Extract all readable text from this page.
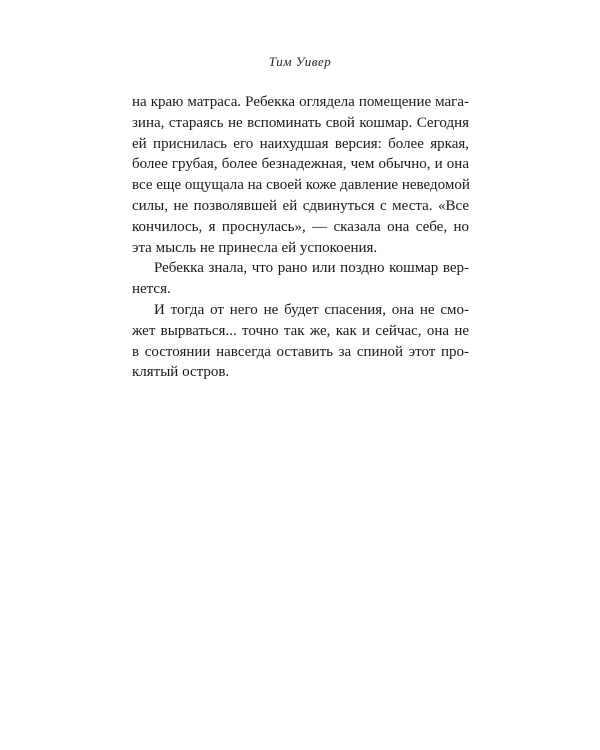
Тим Уивер
на краю матраса. Ребекка оглядела помещение мага-
зина, стараясь не вспоминать свой кошмар. Сегодня
ей приснилась его наихудшая версия: более яркая,
более грубая, более безнадежная, чем обычно, и она
все еще ощущала на своей коже давление неведомой
силы, не позволявшей ей сдвинуться с места. «Все
кончилось, я проснулась», — сказала она себе, но
эта мысль не принесла ей успокоения.
Ребекка знала, что рано или поздно кошмар вер-
нется.
И тогда от него не будет спасения, она не смо-
жет вырваться... точно так же, как и сейчас, она не
в состоянии навсегда оставить за спиной этот про-
клятый остров.
